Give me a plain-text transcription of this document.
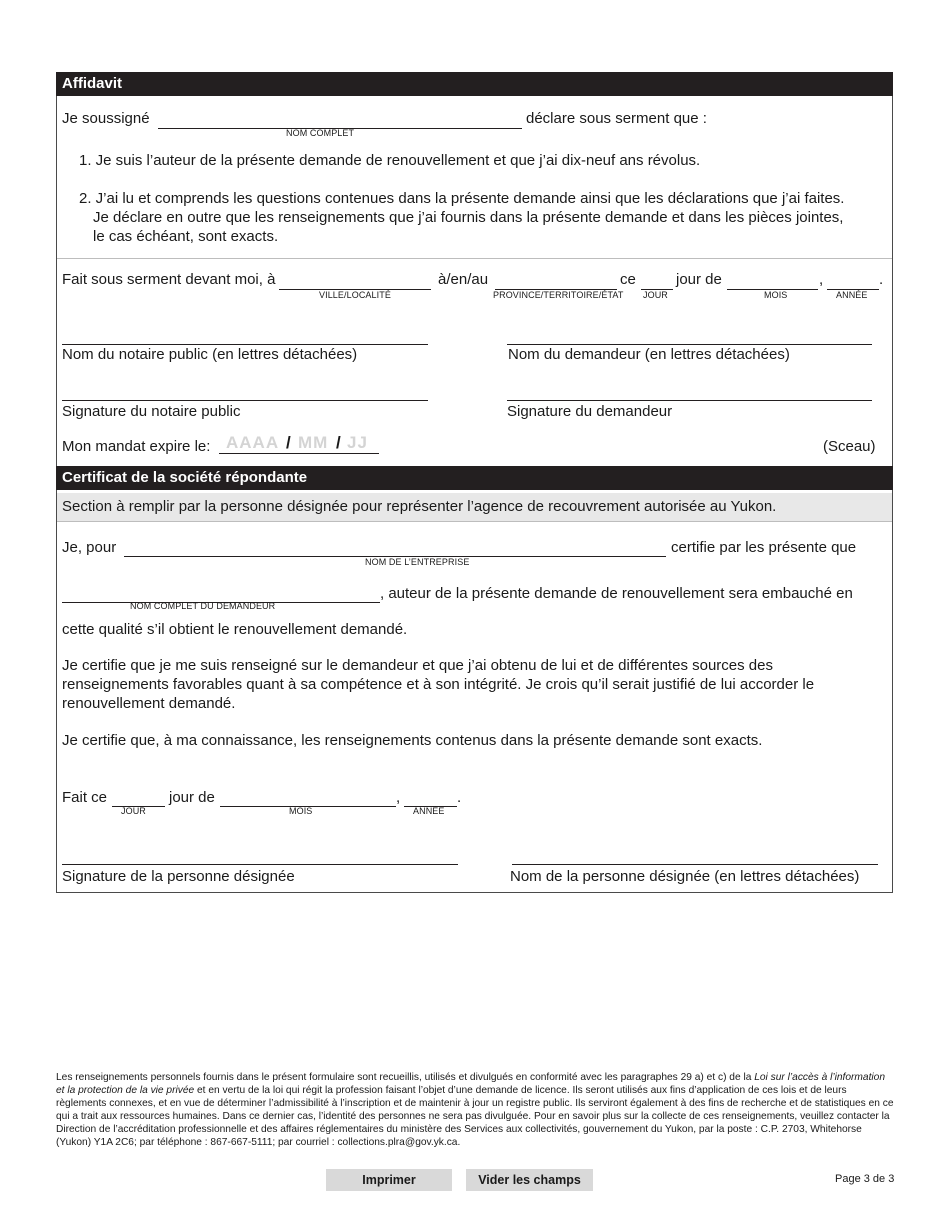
Affidavit
Je soussigné
NOM COMPLET
déclare sous serment que :
1. Je suis l’auteur de la présente demande de renouvellement et que j’ai dix-neuf ans révolus.
2. J’ai lu et comprends les questions contenues dans la présente demande ainsi que les déclarations que j’ai faites.
Je déclare en outre que les renseignements que j’ai fournis dans la présente demande et dans les pièces jointes,
le cas échéant, sont exacts.
Fait sous serment devant moi, à
VILLE/LOCALITÉ
à/en/au
PROVINCE/TERRITOIRE/ÉTAT
ce
JOUR
jour de
MOIS
,
ANNÉE
.
Nom du notaire public (en lettres détachées)	Nom du demandeur (en lettres détachées)
Signature du notaire public	Signature du demandeur
Mon mandat expire le: AAAA / MM / JJ	(Sceau)
Certificat de la société répondante
Section à remplir par la personne désignée pour représenter l’agence de recouvrement autorisée au Yukon.
Je, pour
NOM DE L’ENTREPRISE
certifie par les présente que
NOM COMPLET DU DEMANDEUR
, auteur de la présente demande de renouvellement sera embauché en
cette qualité s’il obtient le renouvellement demandé.
Je certifie que je me suis renseigné sur le demandeur et que j’ai obtenu de lui et de différentes sources des
renseignements favorables quant à sa compétence et à son intégrité. Je crois qu’il serait justifié de lui accorder le
renouvellement demandé.
Je certifie que, à ma connaissance, les renseignements contenus dans la présente demande sont exacts.
Fait ce
JOUR
jour de
MOIS
,
ANNÉE
.
Signature de la personne désignée	Nom de la personne désignée (en lettres détachées)
Les renseignements personnels fournis dans le présent formulaire sont recueillis, utilisés et divulgués en conformité avec les paragraphes 29 a) et c) de la Loi sur l’accès à l’information et la protection de la vie privée et en vertu de la loi qui régit la profession faisant l’objet d’une demande de licence. Ils seront utilisés aux fins d’application de ces lois et de leurs règlements connexes, et en vue de déterminer l’admissibilité à l’inscription et de maintenir à jour un registre public. Ils serviront également à des fins de recherche et de statistiques en ce qui a trait aux ressources humaines. Dans ce dernier cas, l’identité des personnes ne sera pas divulguée. Pour en savoir plus sur la collecte de ces renseignements, veuillez contacter la Direction de l’accréditation professionnelle et des affaires réglementaires du ministère des Services aux collectivités, gouvernement du Yukon, par la poste : C.P. 2703, Whitehorse (Yukon) Y1A 2C6; par téléphone : 867-667-5111; par courriel : collections.plra@gov.yk.ca.
Imprimer	Vider les champs	Page 3 de 3
